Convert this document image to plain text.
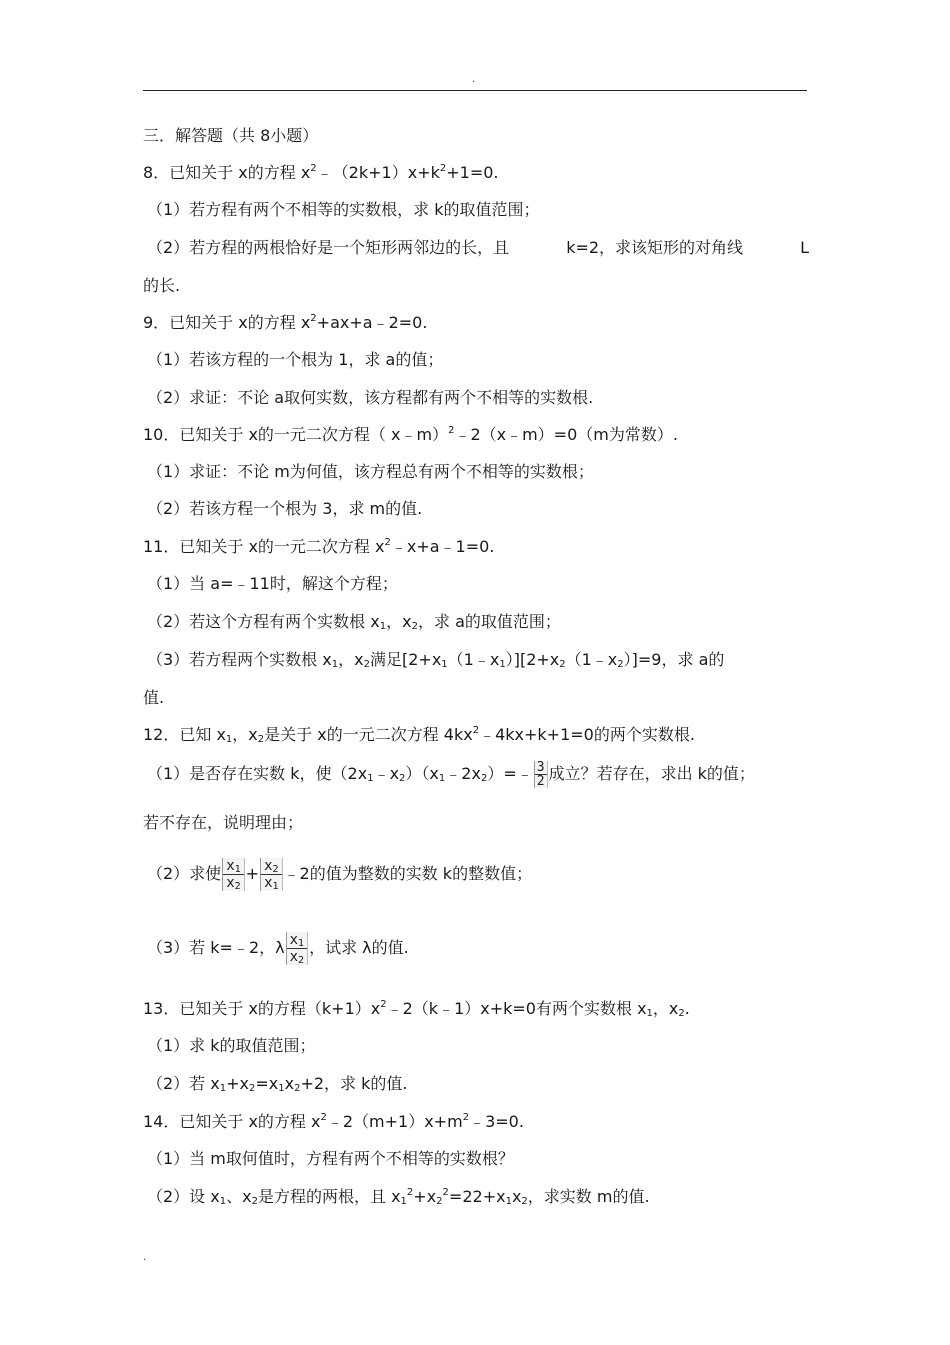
.
三．解答题（共 8小题）
8．已知关于 x的方程 $x^2﹣(2k+1)x+k^2+1=0$.
（1）若方程有两个不相等的实数根，求 k的取值范围；
（2）若方程的两根恰好是一个矩形两邻边的长，且	k=2，求该矩形的对角线	L
的长.
9．已知关于 x的方程 $x^2+ax+a﹣2=0$.
（1）若该方程的一个根为 1，求 a的值；
（2）求证：不论 a取何实数，该方程都有两个不相等的实数根.
10．已知关于 x的一元二次方程（ x﹣m）$^2$﹣2（x﹣m）=0（m为常数）.
（1）求证：不论 m为何值，该方程总有两个不相等的实数根；
（2）若该方程一个根为 3，求 m的值.
11．已知关于 x的一元二次方程 $x^2﹣x+a﹣1=0$.
（1）当 a=﹣11时，解这个方程；
（2）若这个方程有两个实数根 $x_1$，$x_2$，求 a的取值范围；
（3）若方程两个实数根 $x_1$，$x_2$满足$[2+x_1(1﹣x_1)][2+x_2(1﹣x_2)]=9$，求 a的
值.
12．已知 $x_1$，$x_2$是关于 x的一元二次方程 $4kx^2﹣4kx+k+1=0$的两个实数根.
（1）是否存在实数 k，使$(2x_1﹣x_2)(x_1﹣2x_2)=﹣ \frac{3}{2}$ 成立？若存在，求出 k的值；
若不存在，说明理由；
（2）求使 $\frac{x_1}{x_2} + \frac{x_2}{x_1}$ ﹣2的值为整数的实数 k的整数值；
（3）若 k=﹣2，λ $\frac{x_1}{x_2}$ ，试求 λ的值.
13．已知关于 x的方程$(k+1)x^2﹣2(k﹣1)x+k=0$有两个实数根 $x_1$，$x_2$.
（1）求 k的取值范围；
（2）若 $x_1+x_2=x_1x_2+2$，求 k的值.
14．已知关于 x的方程 $x^2﹣2(m+1)x+m^2﹣3=0$.
（1）当 m取何值时，方程有两个不相等的实数根？
（2）设 $x_1$、$x_2$是方程的两根，且 $x_1^2+x_2^2=22+x_1x_2$，求实数 m的值.
.
